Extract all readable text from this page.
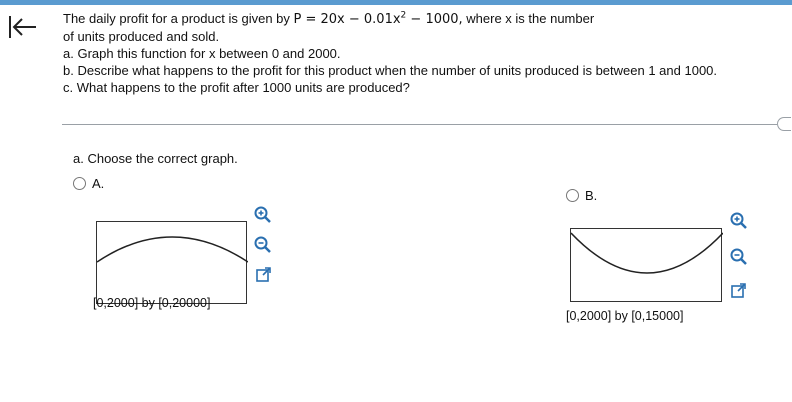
The daily profit for a product is given by $P = 20x - 0.01x^2 - 1000$, where x is the number
of units produced and sold.
a. Graph this function for x between 0 and 2000.
b. Describe what happens to the profit for this product when the number of units produced is between 1 and 1000.
c. What happens to the profit after 1000 units are produced?
a. Choose the correct graph.
A.
[0,2000] by [0,20000]
B.
[0,2000] by [0,15000]
